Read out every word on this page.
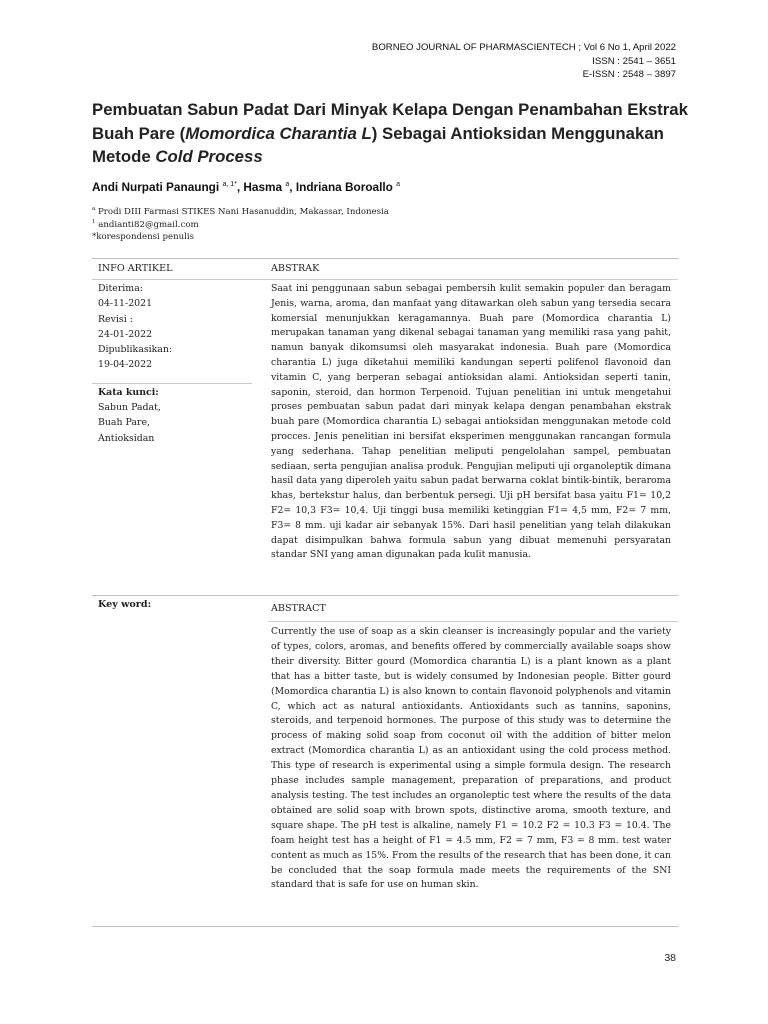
BORNEO JOURNAL OF PHARMASCIENTECH ; Vol 6 No 1, April 2022
ISSN : 2541 – 3651
E-ISSN : 2548 – 3897
Pembuatan Sabun Padat Dari Minyak Kelapa Dengan Penambahan Ekstrak Buah Pare (Momordica Charantia L) Sebagai Antioksidan Menggunakan Metode Cold Process
Andi Nurpati Panaungi $^{a, 1*}$, Hasma $^a$, Indriana Boroallo $^a$
$^a$ Prodi DIII Farmasi STIKES Nani Hasanuddin, Makassar, Indonesia
$^1$ andianti82@gmail.com
*korespondensi penulis
INFO ARTIKEL	ABSTRAK
ABSTRACT
Diterima:
04-11-2021
Revisi :
24-01-2022
Dipublikasikan:
19-04-2022
Kata kunci:
Sabun Padat,
Buah Pare,
Antioksidan
Key word:

Saat ini penggunaan sabun sebagai pembersih kulit semakin populer dan beragam Jenis, warna, aroma, dan manfaat yang ditawarkan oleh sabun yang tersedia secara komersial menunjukkan keragamannya. Buah pare (Momordica charantia L) merupakan tanaman yang dikenal sebagai tanaman yang memiliki rasa yang pahit, namun banyak dikomsumsi oleh masyarakat indonesia. Buah pare (Momordica charantia L) juga diketahui memiliki kandungan seperti polifenol flavonoid dan vitamin C, yang berperan sebagai antioksidan alami. Antioksidan seperti tanin, saponin, steroid, dan hormon Terpenoid. Tujuan penelitian ini untuk mengetahui proses pembuatan sabun padat dari minyak kelapa dengan penambahan ekstrak buah pare (Momordica charantia L) sebagai antioksidan menggunakan metode cold procces. Jenis penelitian ini bersifat eksperimen menggunakan rancangan formula yang sederhana. Tahap penelitian meliputi pengelolahan sampel, pembuatan sediaan, serta pengujian analisa produk. Pengujian meliputi uji organoleptik dimana hasil data yang diperoleh yaitu sabun padat berwarna coklat bintik-bintik, beraroma khas, bertekstur halus, dan berbentuk persegi. Uji pH bersifat basa yaitu F1= 10,2 F2= 10,3 F3= 10,4. Uji tinggi busa memiliki ketinggian F1= 4,5 mm, F2= 7 mm, F3= 8 mm. uji kadar air sebanyak 15%. Dari hasil penelitian yang telah dilakukan dapat disimpulkan bahwa formula sabun yang dibuat memenuhi persyaratan standar SNI yang aman digunakan pada kulit manusia.

Currently the use of soap as a skin cleanser is increasingly popular and the variety of types, colors, aromas, and benefits offered by commercially available soaps show their diversity. Bitter gourd (Momordica charantia L) is a plant known as a plant that has a bitter taste, but is widely consumed by Indonesian people. Bitter gourd (Momordica charantia L) is also known to contain flavonoid polyphenols and vitamin C, which act as natural antioxidants. Antioxidants such as tannins, saponins, steroids, and terpenoid hormones. The purpose of this study was to determine the process of making solid soap from coconut oil with the addition of bitter melon extract (Momordica charantia L) as an antioxidant using the cold process method. This type of research is experimental using a simple formula design. The research phase includes sample management, preparation of preparations, and product analysis testing. The test includes an organoleptic test where the results of the data obtained are solid soap with brown spots, distinctive aroma, smooth texture, and square shape. The pH test is alkaline, namely F1 = 10.2 F2 = 10.3 F3 = 10.4. The foam height test has a height of F1 = 4.5 mm, F2 = 7 mm, F3 = 8 mm. test water content as much as 15%. From the results of the research that has been done, it can be concluded that the soap formula made meets the requirements of the SNI standard that is safe for use on human skin.

38
